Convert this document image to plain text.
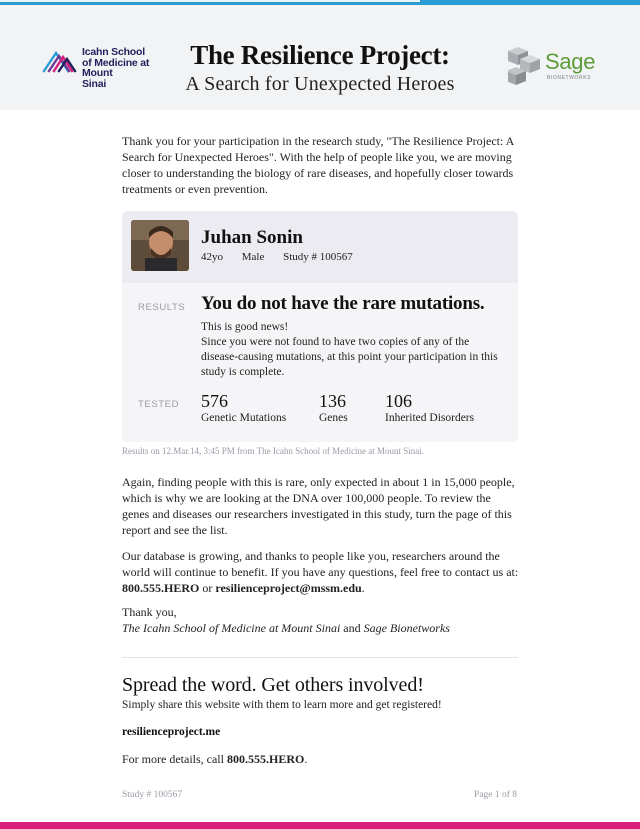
Icahn School
of Medicine at
Mount
Sinai
The Resilience Project:
A Search for Unexpected Heroes
Sage
BIONETWORKS

Thank you for your participation in the research study, "The Resilience Project: A Search for Unexpected Heroes". With the help of people like you, we are moving closer to understanding the biology of rare diseases, and hopefully closer towards treatments or even prevention.

Juhan Sonin
42yo Male Study # 100567
RESULTS You do not have the rare mutations.
This is good news!
Since you were not found to have two copies of any of the disease-causing mutations, at this point your participation in this study is complete.
TESTED 576
Genetic Mutations
136
Genes
106
Inherited Disorders
Results on 12.Mar.14, 3:45 PM from The Icahn School of Medicine at Mount Sinai.

Again, finding people with this is rare, only expected in about 1 in 15,000 people, which is why we are looking at the DNA over 100,000 people. To review the genes and diseases our researchers investigated in this study, turn the page of this report and see the list.

Our database is growing, and thanks to people like you, researchers around the world will continue to benefit. If you have any questions, feel free to contact us at: 800.555.HERO or resilienceproject@mssm.edu.

Thank you,
The Icahn School of Medicine at Mount Sinai and Sage Bionetworks
Spread the word. Get others involved!
Simply share this website with them to learn more and get registered!
resilienceproject.me
For more details, call 800.555.HERO.
Study # 100567	Page 1 of 8
